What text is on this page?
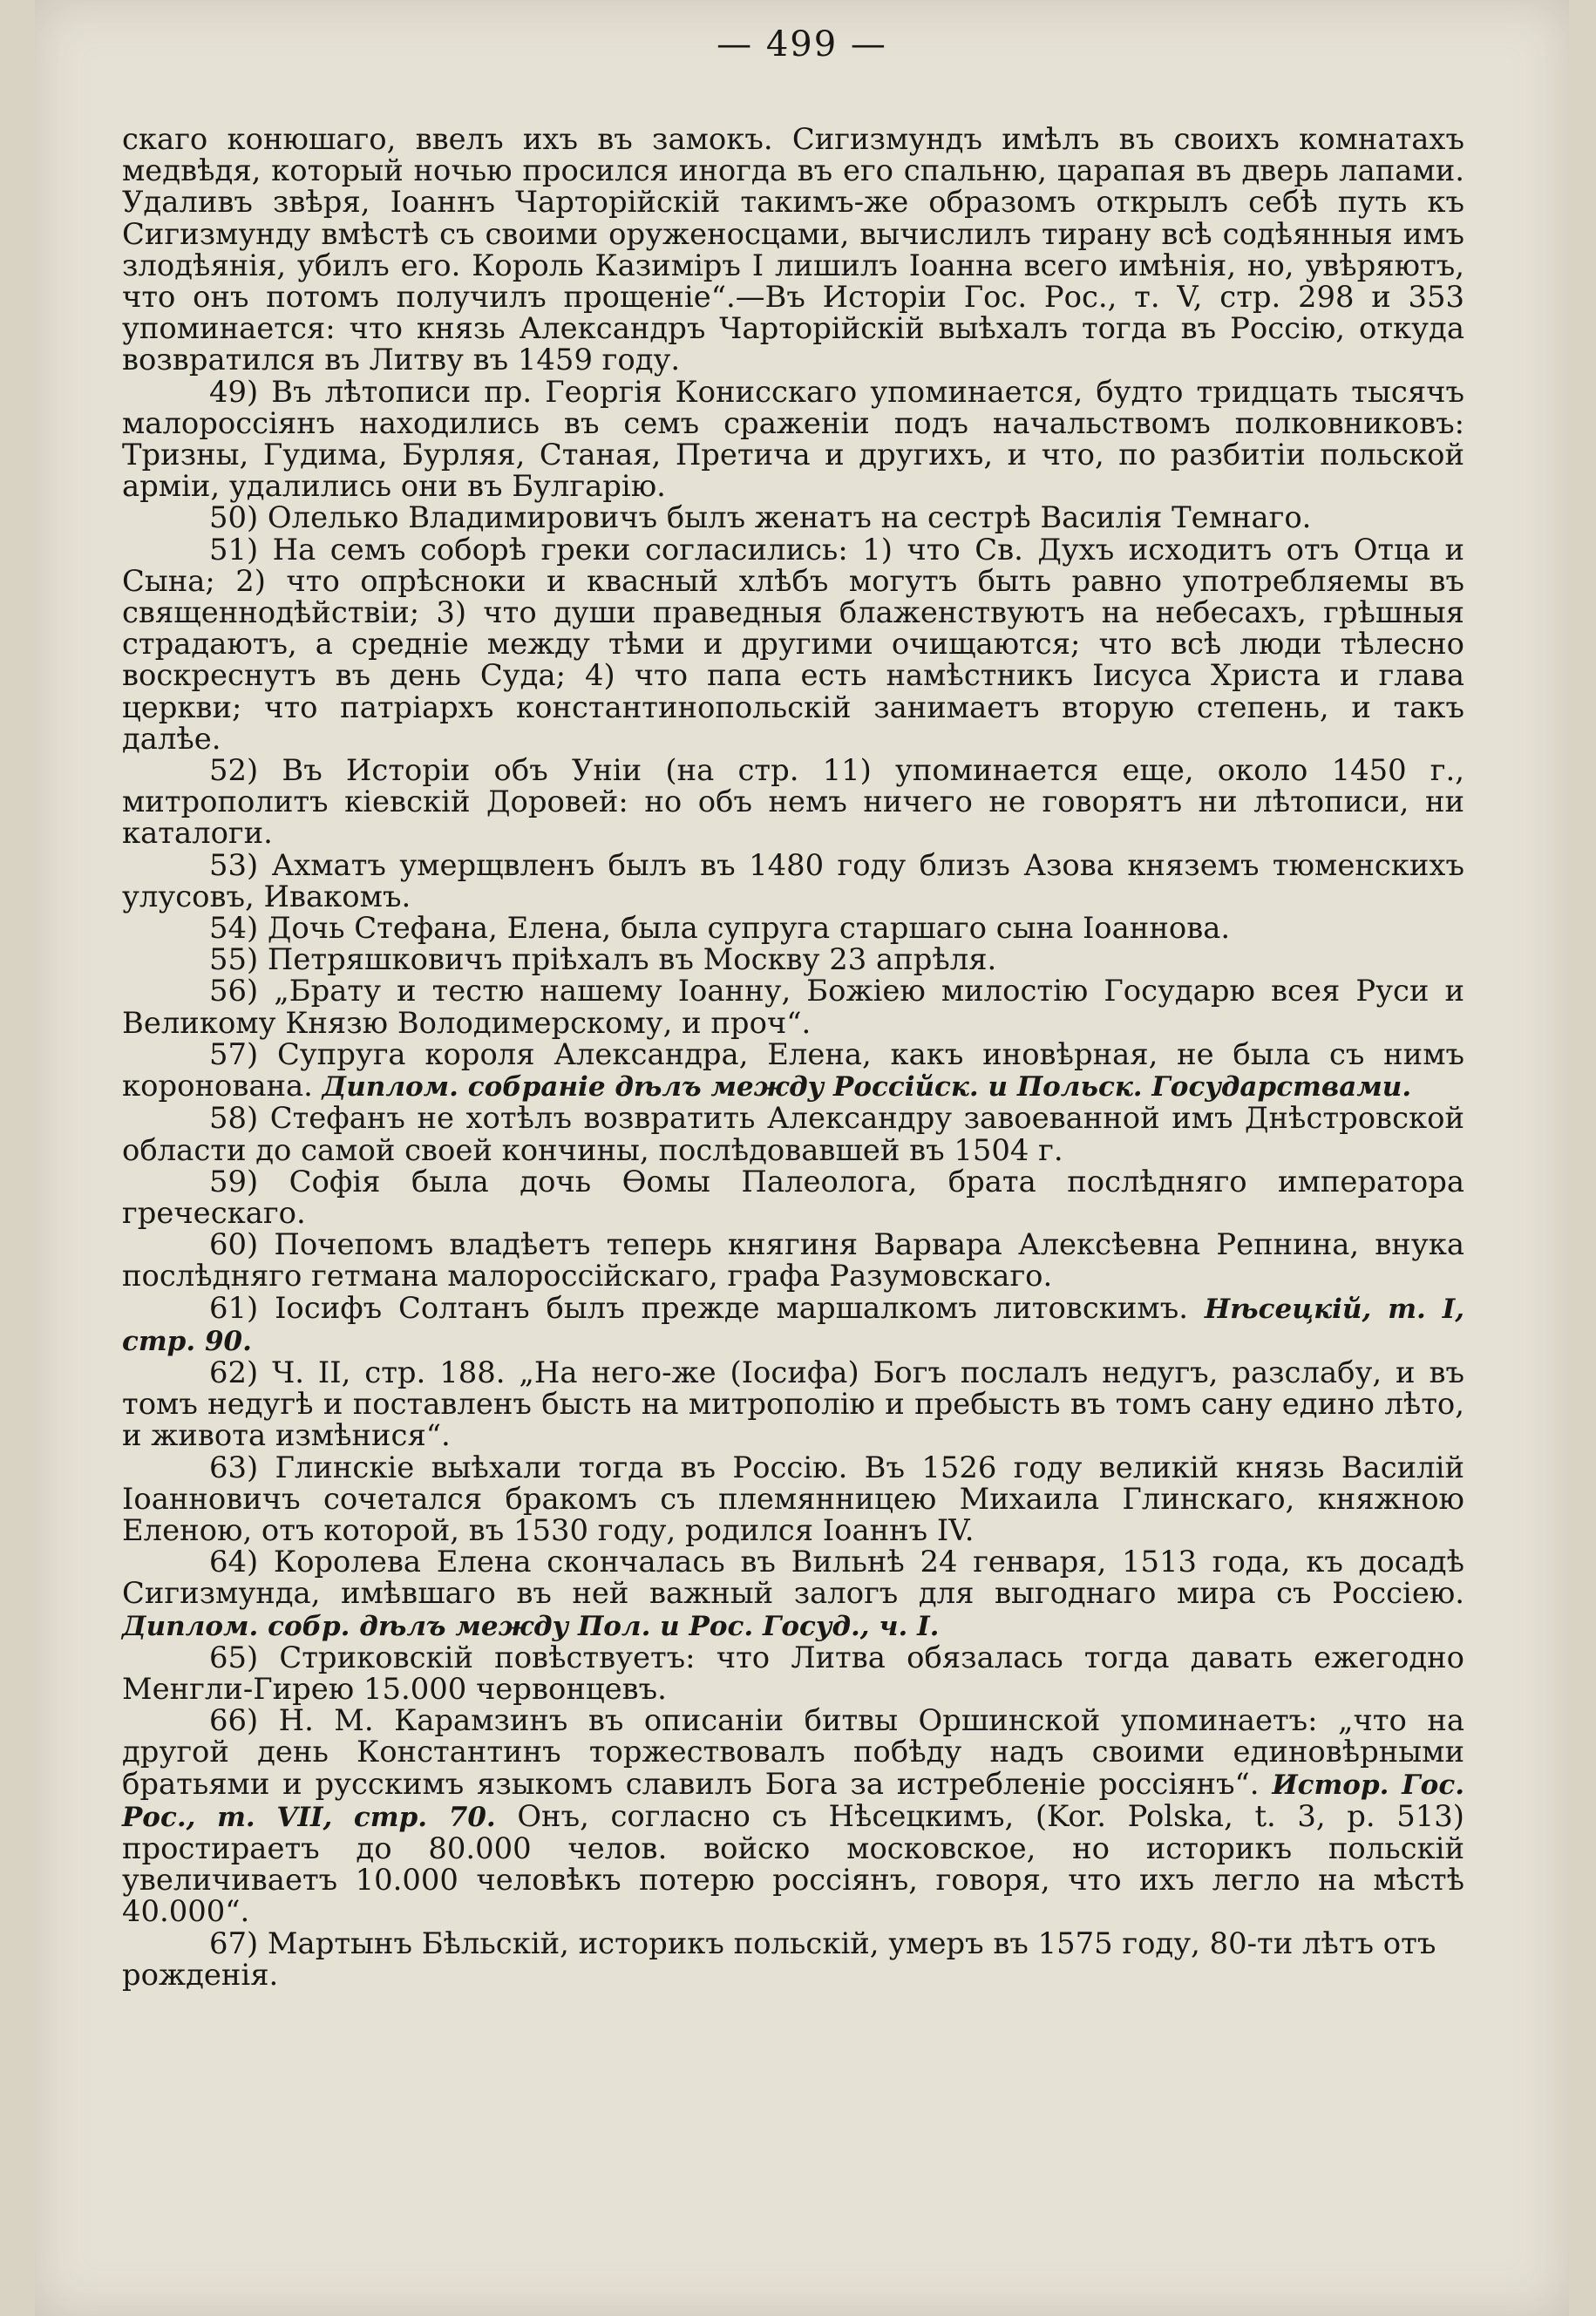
— 499 —

скаго конюшаго, ввелъ ихъ въ замокъ. Сигизмундъ имѣлъ въ своихъ комнатахъ медвѣдя, который ночью просился иногда въ его спальню, царапая въ дверь лапами. Удаливъ звѣря, Іоаннъ Чарторійскій такимъ-же образомъ открылъ себѣ путь къ Сигизмунду вмѣстѣ съ своими оруженосцами, вычислилъ тирану всѣ содѣянныя имъ злодѣянія, убилъ его. Король Казиміръ I лишилъ Іоанна всего имѣнія, но, увѣряютъ, что онъ потомъ получилъ прощеніе“.—Въ Исторіи Гос. Рос., т. V, стр. 298 и 353 упоминается: что князь Александръ Чарторійскій выѣхалъ тогда въ Россію, откуда возвратился въ Литву въ 1459 году.

49) Въ лѣтописи пр. Георгія Конисскаго упоминается, будто тридцать тысячъ малороссіянъ находились въ семъ сраженіи подъ начальствомъ полковниковъ: Тризны, Гудима, Бурляя, Станая, Претича и другихъ, и что, по разбитіи польской арміи, удалились они въ Булгарію.

50) Олелько Владимировичъ былъ женатъ на сестрѣ Василія Темнаго.

51) На семъ соборѣ греки согласились: 1) что Св. Духъ исходитъ отъ Отца и Сына; 2) что опрѣсноки и квасный хлѣбъ могутъ быть равно употребляемы въ священнодѣйствіи; 3) что души праведныя блаженствуютъ на небесахъ, грѣшныя страдаютъ, а средніе между тѣми и другими очищаются; что всѣ люди тѣлесно воскреснутъ въ день Суда; 4) что папа есть намѣстникъ Іисуса Христа и глава церкви; что патріархъ константинопольскій занимаетъ вторую степень, и такъ далѣе.

52) Въ Исторіи объ Уніи (на стр. 11) упоминается еще, около 1450 г., митрополитъ кіевскій Доровей: но объ немъ ничего не говорятъ ни лѣтописи, ни каталоги.

53) Ахматъ умерщвленъ былъ въ 1480 году близъ Азова княземъ тюменскихъ улусовъ, Ивакомъ.

54) Дочь Стефана, Елена, была супруга старшаго сына Іоаннова.

55) Петряшковичъ пріѣхалъ въ Москву 23 апрѣля.

56) „Брату и тестю нашему Іоанну, Божіею милостію Государю всея Руси и Великому Князю Володимерскому, и проч“.

57) Супруга короля Александра, Елена, какъ иновѣрная, не была съ нимъ коронована. Диплом. собраніе дѣлъ между Россійск. и Польск. Государствами.

58) Стефанъ не хотѣлъ возвратить Александру завоеванной имъ Днѣстровской области до самой своей кончины, послѣдовавшей въ 1504 г.

59) Софія была дочь Ѳомы Палеолога, брата послѣдняго императора греческаго.

60) Почепомъ владѣетъ теперь княгиня Варвара Алексѣевна Репнина, внука послѣдняго гетмана малороссійскаго, графа Разумовскаго.

61) Іосифъ Солтанъ былъ прежде маршалкомъ литовскимъ. Нѣсецкій, т. I, стр. 90.

62) Ч. II, стр. 188. „На него-же (Іосифа) Богъ послалъ недугъ, разслабу, и въ томъ недугѣ и поставленъ бысть на митрополію и пребысть въ томъ сану едино лѣто, и живота измѣнися“.

63) Глинскіе выѣхали тогда въ Россію. Въ 1526 году великій князь Василій Іоанновичъ сочетался бракомъ съ племянницею Михаила Глинскаго, княжною Еленою, отъ которой, въ 1530 году, родился Іоаннъ IV.

64) Королева Елена скончалась въ Вильнѣ 24 генваря, 1513 года, къ досадѣ Сигизмунда, имѣвшаго въ ней важный залогъ для выгоднаго мира съ Россіею. Диплом. собр. дѣлъ между Пол. и Рос. Госуд., ч. I.

65) Стриковскій повѣствуетъ: что Литва обязалась тогда давать ежегодно Менгли-Гирею 15.000 червонцевъ.

66) Н. М. Карамзинъ въ описаніи битвы Оршинской упоминаетъ: „что на другой день Константинъ торжествовалъ побѣду надъ своими единовѣрными братьями и русскимъ языкомъ славилъ Бога за истребленіе россіянъ“. Истор. Гос. Рос., т. VII, стр. 70. Онъ, согласно съ Нѣсецкимъ, (Kor. Polska, t. 3, p. 513) простираетъ до 80.000 челов. войско московское, но историкъ польскій увеличиваетъ 10.000 человѣкъ потерю россіянъ, говоря, что ихъ легло на мѣстѣ 40.000“.

67) Мартынъ Бѣльскій, историкъ польскій, умеръ въ 1575 году, 80-ти лѣтъ отъ рожденія.
